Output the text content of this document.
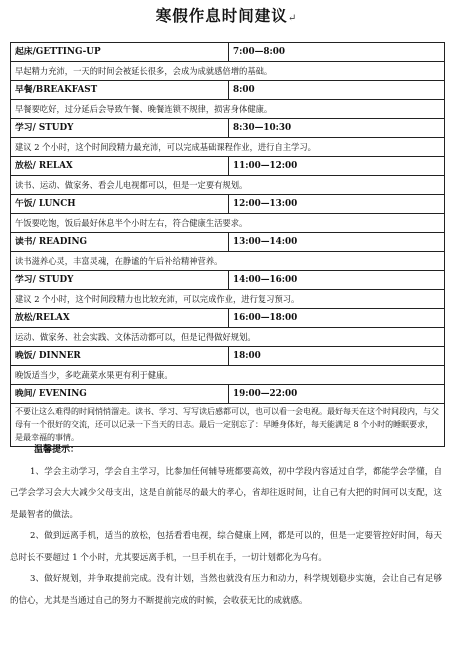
寒假作息时间建议↵
起床/GETTING-UP	7:00—8:00
早起精力充沛，一天的时间会被延长很多，会成为成就感倍增的基础。	
早餐/BREAKFAST	8:00
早餐要吃好，过分延后会导致午餐、晚餐连锁不规律，损害身体健康。	
学习/ STUDY	8:30—10:30
建议 2 个小时，这个时间段精力最充沛，可以完成基础课程作业，进行自主学习。	
放松/ RELAX	11:00—12:00
读书、运动、做家务、看会儿电视都可以，但是一定要有规划。	
午饭/ LUNCH	12:00—13:00
午饭要吃饱，饭后最好休息半个小时左右，符合健康生活要求。	
读书/ READING	13:00—14:00
读书滋养心灵，丰富灵魂，在静谧的午后补给精神营养。	
学习/ STUDY	14:00—16:00
建议 2 个小时，这个时间段精力也比较充沛，可以完成作业，进行复习预习。	
放松/RELAX	16:00—18:00
运动、做家务、社会实践、文体活动都可以，但是记得做好规划。	
晚饭/ DINNER	18:00
晚饭适当少，多吃蔬菜水果更有利于健康。	
晚间/ EVENING	19:00—22:00
不要让这么难得的时间悄悄溜走。读书、学习、写写读后感都可以，也可以看一会电视。最好每天在这个时间段内，与父母有一个很好的交流，还可以记录一下当天的日志。最后一定别忘了：早睡身体好，每天能满足 8 个小时的睡眠要求，是最幸福的事情。	
温馨提示：

1、学会主动学习，学会自主学习，比参加任何辅导班都要高效，初中学段内容适过自学，都能学会学懂，自己学会学习会大大减少父母支出，这是自前能尽的最大的孝心，省却往返时间，让自己有大把的时间可以支配，这是最智者的做法。

2、做到远离手机，适当的放松，包括看看电视，综合健康上网，都是可以的，但是一定要管控好时间，每天总时长不要超过 1 个小时，尤其要远离手机，一旦手机在手，一切计划都化为乌有。

3、做好规划，并争取提前完成。没有计划，当然也就没有压力和动力，科学规划稳步实施，会让自己有足够的信心，尤其是当通过自己的努力不断提前完成的时候，会收获无比的成就感。
